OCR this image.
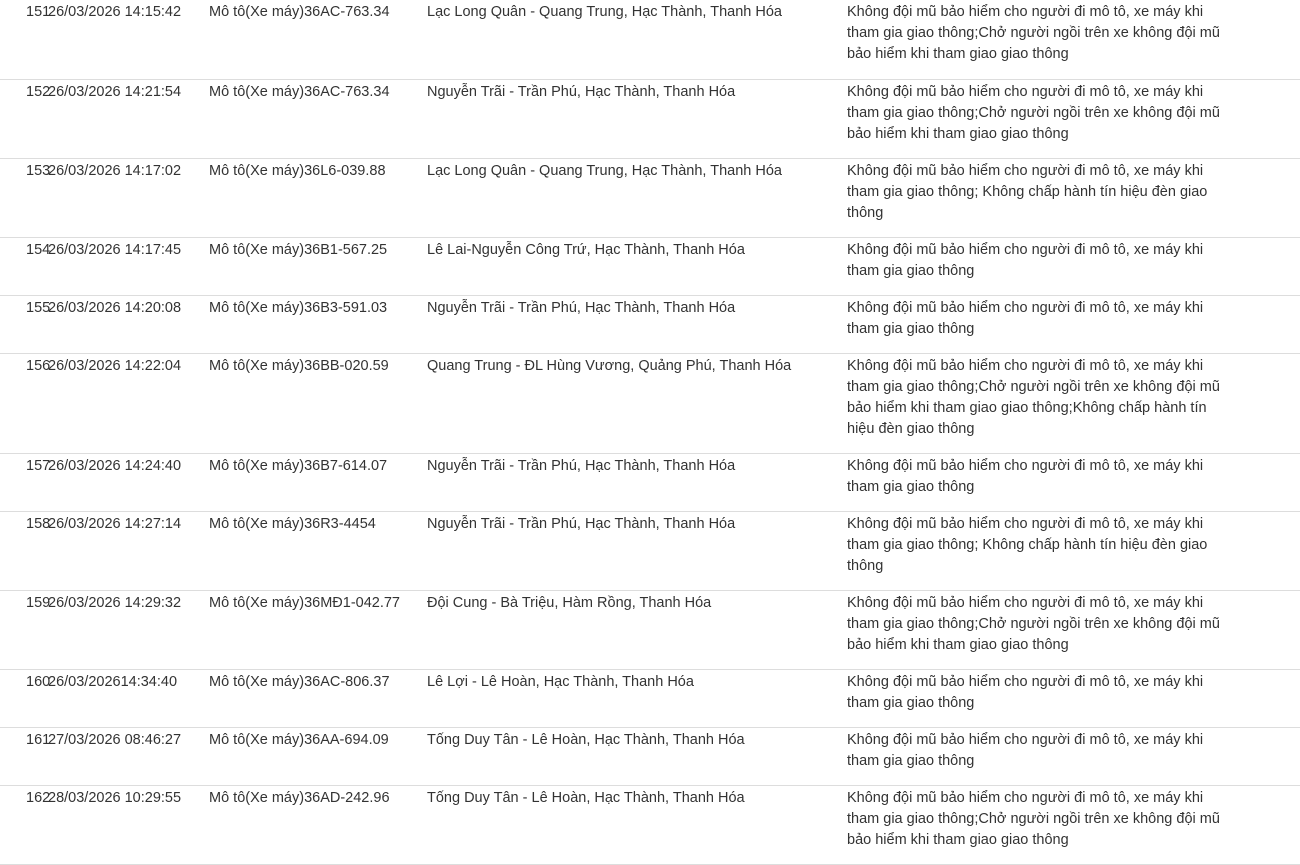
151	26/03/2026 14:15:42	Mô tô(Xe máy)36AC-763.34	Lạc Long Quân - Quang Trung, Hạc Thành, Thanh Hóa	Không đội mũ bảo hiểm cho người đi mô tô, xe máy khi
tham gia giao thông;Chở người ngồi trên xe không đội mũ
bảo hiểm khi tham giao giao thông

152	26/03/2026 14:21:54	Mô tô(Xe máy)36AC-763.34	Nguyễn Trãi - Trần Phú, Hạc Thành, Thanh Hóa	Không đội mũ bảo hiểm cho người đi mô tô, xe máy khi
tham gia giao thông;Chở người ngồi trên xe không đội mũ
bảo hiểm khi tham giao giao thông

153	26/03/2026 14:17:02	Mô tô(Xe máy)36L6-039.88	Lạc Long Quân - Quang Trung, Hạc Thành, Thanh Hóa	Không đội mũ bảo hiểm cho người đi mô tô, xe máy khi
tham gia giao thông; Không chấp hành tín hiệu đèn giao
thông

154	26/03/2026 14:17:45	Mô tô(Xe máy)36B1-567.25	Lê Lai-Nguyễn Công Trứ, Hạc Thành, Thanh Hóa	Không đội mũ bảo hiểm cho người đi mô tô, xe máy khi
tham gia giao thông

155	26/03/2026 14:20:08	Mô tô(Xe máy)36B3-591.03	Nguyễn Trãi - Trần Phú, Hạc Thành, Thanh Hóa	Không đội mũ bảo hiểm cho người đi mô tô, xe máy khi
tham gia giao thông

156	26/03/2026 14:22:04	Mô tô(Xe máy)36BB-020.59	Quang Trung - ĐL Hùng Vương, Quảng Phú, Thanh Hóa	Không đội mũ bảo hiểm cho người đi mô tô, xe máy khi
tham gia giao thông;Chở người ngồi trên xe không đội mũ
bảo hiểm khi tham giao giao thông;Không chấp hành tín
hiệu đèn giao thông

157	26/03/2026 14:24:40	Mô tô(Xe máy)36B7-614.07	Nguyễn Trãi - Trần Phú, Hạc Thành, Thanh Hóa	Không đội mũ bảo hiểm cho người đi mô tô, xe máy khi
tham gia giao thông

158	26/03/2026 14:27:14	Mô tô(Xe máy)36R3-4454	Nguyễn Trãi - Trần Phú, Hạc Thành, Thanh Hóa	Không đội mũ bảo hiểm cho người đi mô tô, xe máy khi
tham gia giao thông; Không chấp hành tín hiệu đèn giao
thông

159	26/03/2026 14:29:32	Mô tô(Xe máy)36MĐ1-042.77	Đội Cung - Bà Triệu, Hàm Rồng, Thanh Hóa	Không đội mũ bảo hiểm cho người đi mô tô, xe máy khi
tham gia giao thông;Chở người ngồi trên xe không đội mũ
bảo hiểm khi tham giao giao thông

160	26/03/202614:34:40	Mô tô(Xe máy)36AC-806.37	Lê Lợi - Lê Hoàn, Hạc Thành, Thanh Hóa	Không đội mũ bảo hiểm cho người đi mô tô, xe máy khi
tham gia giao thông

161	27/03/2026 08:46:27	Mô tô(Xe máy)36AA-694.09	Tống Duy Tân - Lê Hoàn, Hạc Thành, Thanh Hóa	Không đội mũ bảo hiểm cho người đi mô tô, xe máy khi
tham gia giao thông

162	28/03/2026 10:29:55	Mô tô(Xe máy)36AD-242.96	Tống Duy Tân - Lê Hoàn, Hạc Thành, Thanh Hóa	Không đội mũ bảo hiểm cho người đi mô tô, xe máy khi
tham gia giao thông;Chở người ngồi trên xe không đội mũ
bảo hiểm khi tham giao giao thông
